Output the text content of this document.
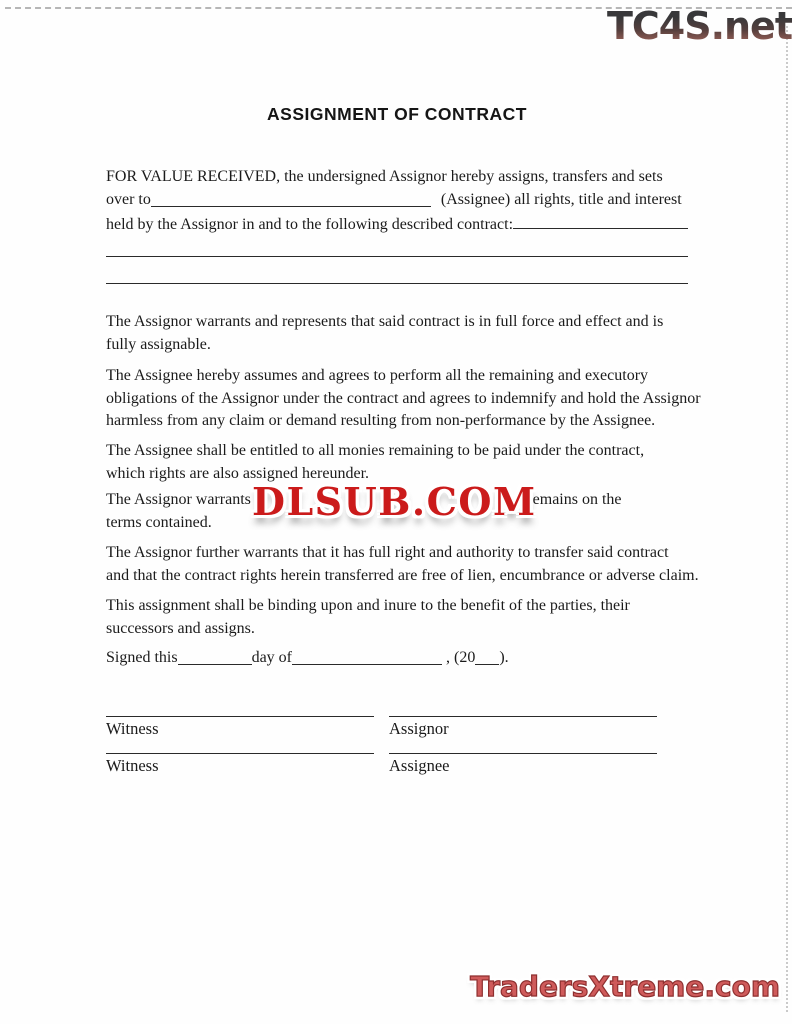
TC4S.net
ASSIGNMENT OF CONTRACT
FOR VALUE RECEIVED, the undersigned Assignor hereby assigns, transfers and sets
over to	(Assignee) all rights, title and interest
held by the Assignor in and to the following described contract:
The Assignor warrants and represents that said contract is in full force and effect and is
fully assignable.
The Assignee hereby assumes and agrees to perform all the remaining and executory
obligations of the Assignor under the contract and agrees to indemnify and hold the Assignor
harmless from any claim or demand resulting from non-performance by the Assignee.
The Assignee shall be entitled to all monies remaining to be paid under the contract,
which rights are also assigned hereunder.
The Assignor warrants t	remains on the
terms contained.	DLSUB.COM
The Assignor further warrants that it has full right and authority to transfer said contract
and that the contract rights herein transferred are free of lien, encumbrance or adverse claim.
This assignment shall be binding upon and inure to the benefit of the parties, their
successors and assigns.
Signed this	day of	, (20 ).
Witness	Assignor
Witness	Assignee
TradersXtreme.com
